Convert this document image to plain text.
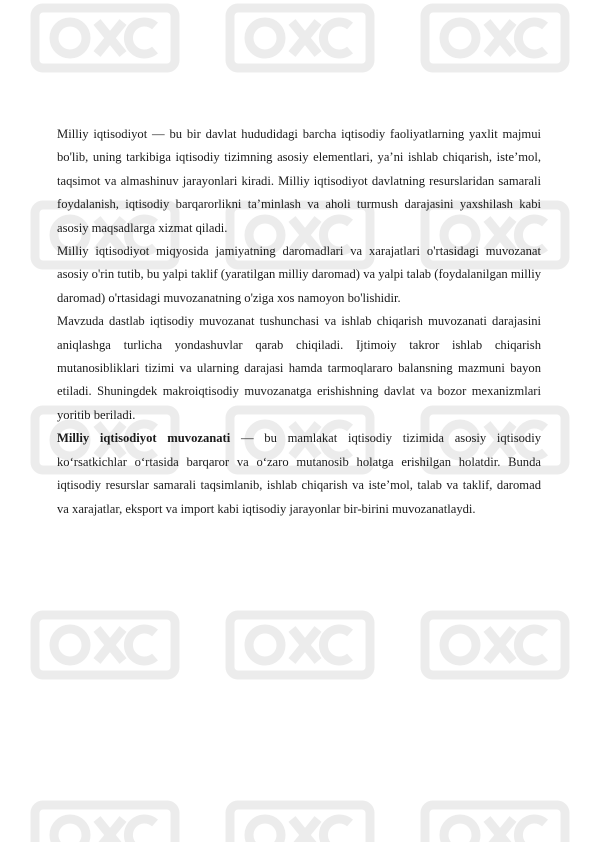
Milliy iqtisodiyot — bu bir davlat hududidagi barcha iqtisodiy faoliyatlarning yaxlit majmui bo'lib, uning tarkibiga iqtisodiy tizimning asosiy elementlari, ya’ni ishlab chiqarish, iste’mol, taqsimot va almashinuv jarayonlari kiradi. Milliy iqtisodiyot davlatning resurslaridan samarali foydalanish, iqtisodiy barqarorlikni ta’minlash va aholi turmush darajasini yaxshilash kabi asosiy maqsadlarga xizmat qiladi.

Milliy iqtisodiyot miqyosida jamiyatning daromadlari va xarajatlari o'rtasidagi muvozanat asosiy o'rin tutib, bu yalpi taklif (yaratilgan milliy daromad) va yalpi talab (foydalanilgan milliy daromad) o'rtasidagi muvozanatning o'ziga xos namoyon bo'lishidir.

Mavzuda dastlab iqtisodiy muvozanat tushunchasi va ishlab chiqarish muvozanati darajasini aniqlashga turlicha yondashuvlar qarab chiqiladi. Ijtimoiy takror ishlab chiqarish mutanosibliklari tizimi va ularning darajasi hamda tarmoqlararo balansning mazmuni bayon etiladi. Shuningdek makroiqtisodiy muvozanatga erishishning davlat va bozor mexanizmlari yoritib beriladi.

Milliy iqtisodiyot muvozanati — bu mamlakat iqtisodiy tizimida asosiy iqtisodiy ko‘rsatkichlar o‘rtasida barqaror va o‘zaro mutanosib holatga erishilgan holatdir. Bunda iqtisodiy resurslar samarali taqsimlanib, ishlab chiqarish va iste’mol, talab va taklif, daromad va xarajatlar, eksport va import kabi iqtisodiy jarayonlar bir-birini muvozanatlaydi.
